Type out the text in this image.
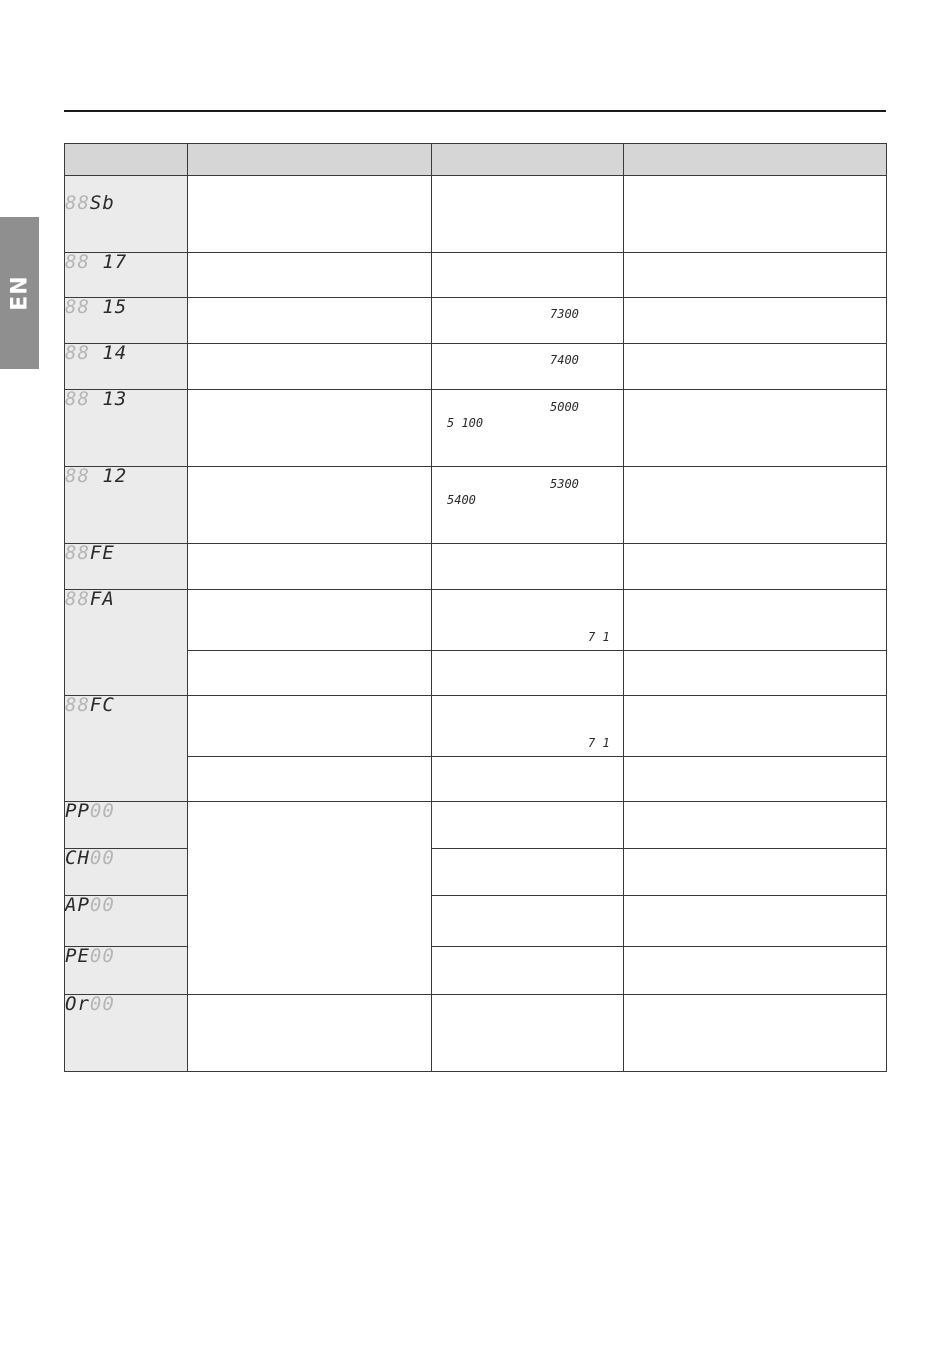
EN

88Sb			
88 17			
88 15		7300	

88 14		7400	

88 13		5000
5 100	

88 12		5300
5400	

88FE			
88FA		7 1	

88FC		7 1	

PP00			
CH00			
AP00			
PE00			
Or00			
